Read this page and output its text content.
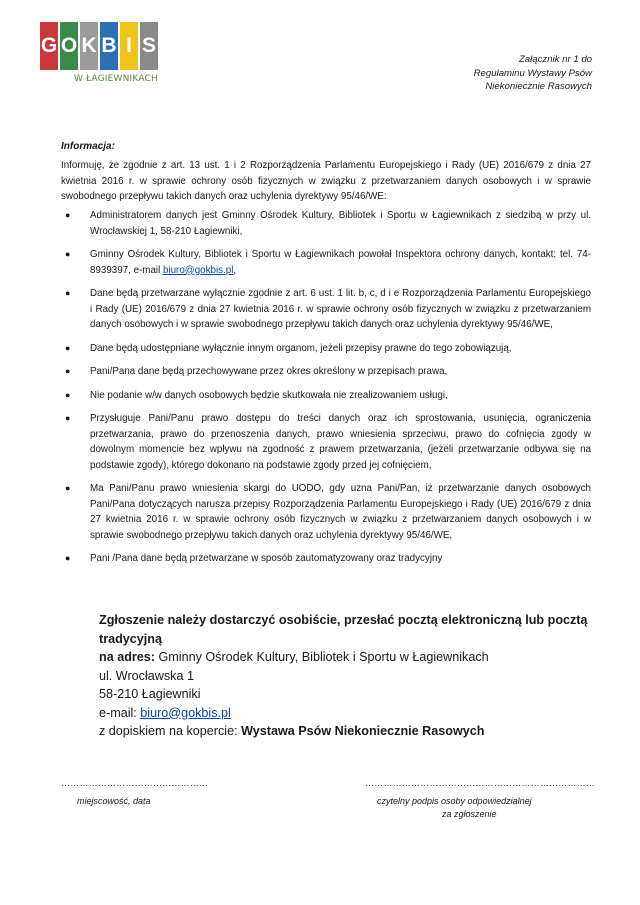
G O K B I S
W ŁAGIEWNIKACH
Załącznik nr 1 do
Regulaminu Wystawy Psów
Niekoniecznie Rasowych

Informacja:

Informuję, że zgodnie z art. 13 ust. 1 i 2 Rozporządzenia Parlamentu Europejskiego i Rady (UE) 2016/679 z dnia 27 kwietnia 2016 r. w sprawie ochrony osób fizycznych w związku z przetwarzaniem danych osobowych i w sprawie swobodnego przepływu takich danych oraz uchylenia dyrektywy 95/46/WE:

● Administratorem danych jest Gminny Ośrodek Kultury, Bibliotek i Sportu w Łagiewnikach z siedzibą w przy ul. Wrocławskiej 1, 58-210 Łagiewniki,
● Gminny Ośrodek Kultury, Bibliotek i Sportu w Łagiewnikach powołał Inspektora ochrony danych, kontakt: tel. 74-8939397, e-mail biuro@gokbis.pl,
● Dane będą przetwarzane wyłącznie zgodnie z art. 6 ust. 1 lit. b, c, d i e Rozporządzenia Parlamentu Europejskiego i Rady (UE) 2016/679 z dnia 27 kwietnia 2016 r. w sprawie ochrony osób fizycznych w związku z przetwarzaniem danych osobowych i w sprawie swobodnego przepływu takich danych oraz uchylenia dyrektywy 95/46/WE,
● Dane będą udostępniane wyłącznie innym organom, jeżeli przepisy prawne do tego zobowiązują,
● Pani/Pana dane będą przechowywane przez okres określony w przepisach prawa,
● Nie podanie w/w danych osobowych będzie skutkowała nie zrealizowaniem usługi,
● Przysługuje Pani/Panu prawo dostępu do treści danych oraz ich sprostowania, usunięcia, ograniczenia przetwarzania, prawo do przenoszenia danych, prawo wniesienia sprzeciwu, prawo do cofnięcia zgody w dowolnym momencie bez wpływu na zgodność z prawem przetwarzania, (jeżeli przetwarzanie odbywa się na podstawie zgody), którego dokonano na podstawie zgody przed jej cofnięciem,
● Ma Pani/Panu prawo wniesienia skargi do UODO, gdy uzna Pani/Pan, iż przetwarzanie danych osobowych Pani/Pana dotyczących narusza przepisy Rozporządzenia Parlamentu Europejskiego i Rady (UE) 2016/679 z dnia 27 kwietnia 2016 r. w sprawie ochrony osób fizycznych w związku z przetwarzaniem danych osobowych i w sprawie swobodnego przepływu takich danych oraz uchylenia dyrektywy 95/46/WE,
● Pani /Pana dane będą przetwarzane w sposób zautomatyzowany oraz tradycyjny

Zgłoszenie należy dostarczyć osobiście, przesłać pocztą elektroniczną lub pocztą tradycyjną

na adres: Gminny Ośrodek Kultury, Bibliotek i Sportu w Łagiewnikach

ul. Wrocławska 1

58-210 Łagiewniki

e-mail: biuro@gokbis.pl

z dopiskiem na kopercie: Wystawa Psów Niekoniecznie Rasowych

…………………………………………
miejscowość, data
…………………………………………………………………
czytelny podpis osoby odpowiedzialnej
za zgłoszenie
